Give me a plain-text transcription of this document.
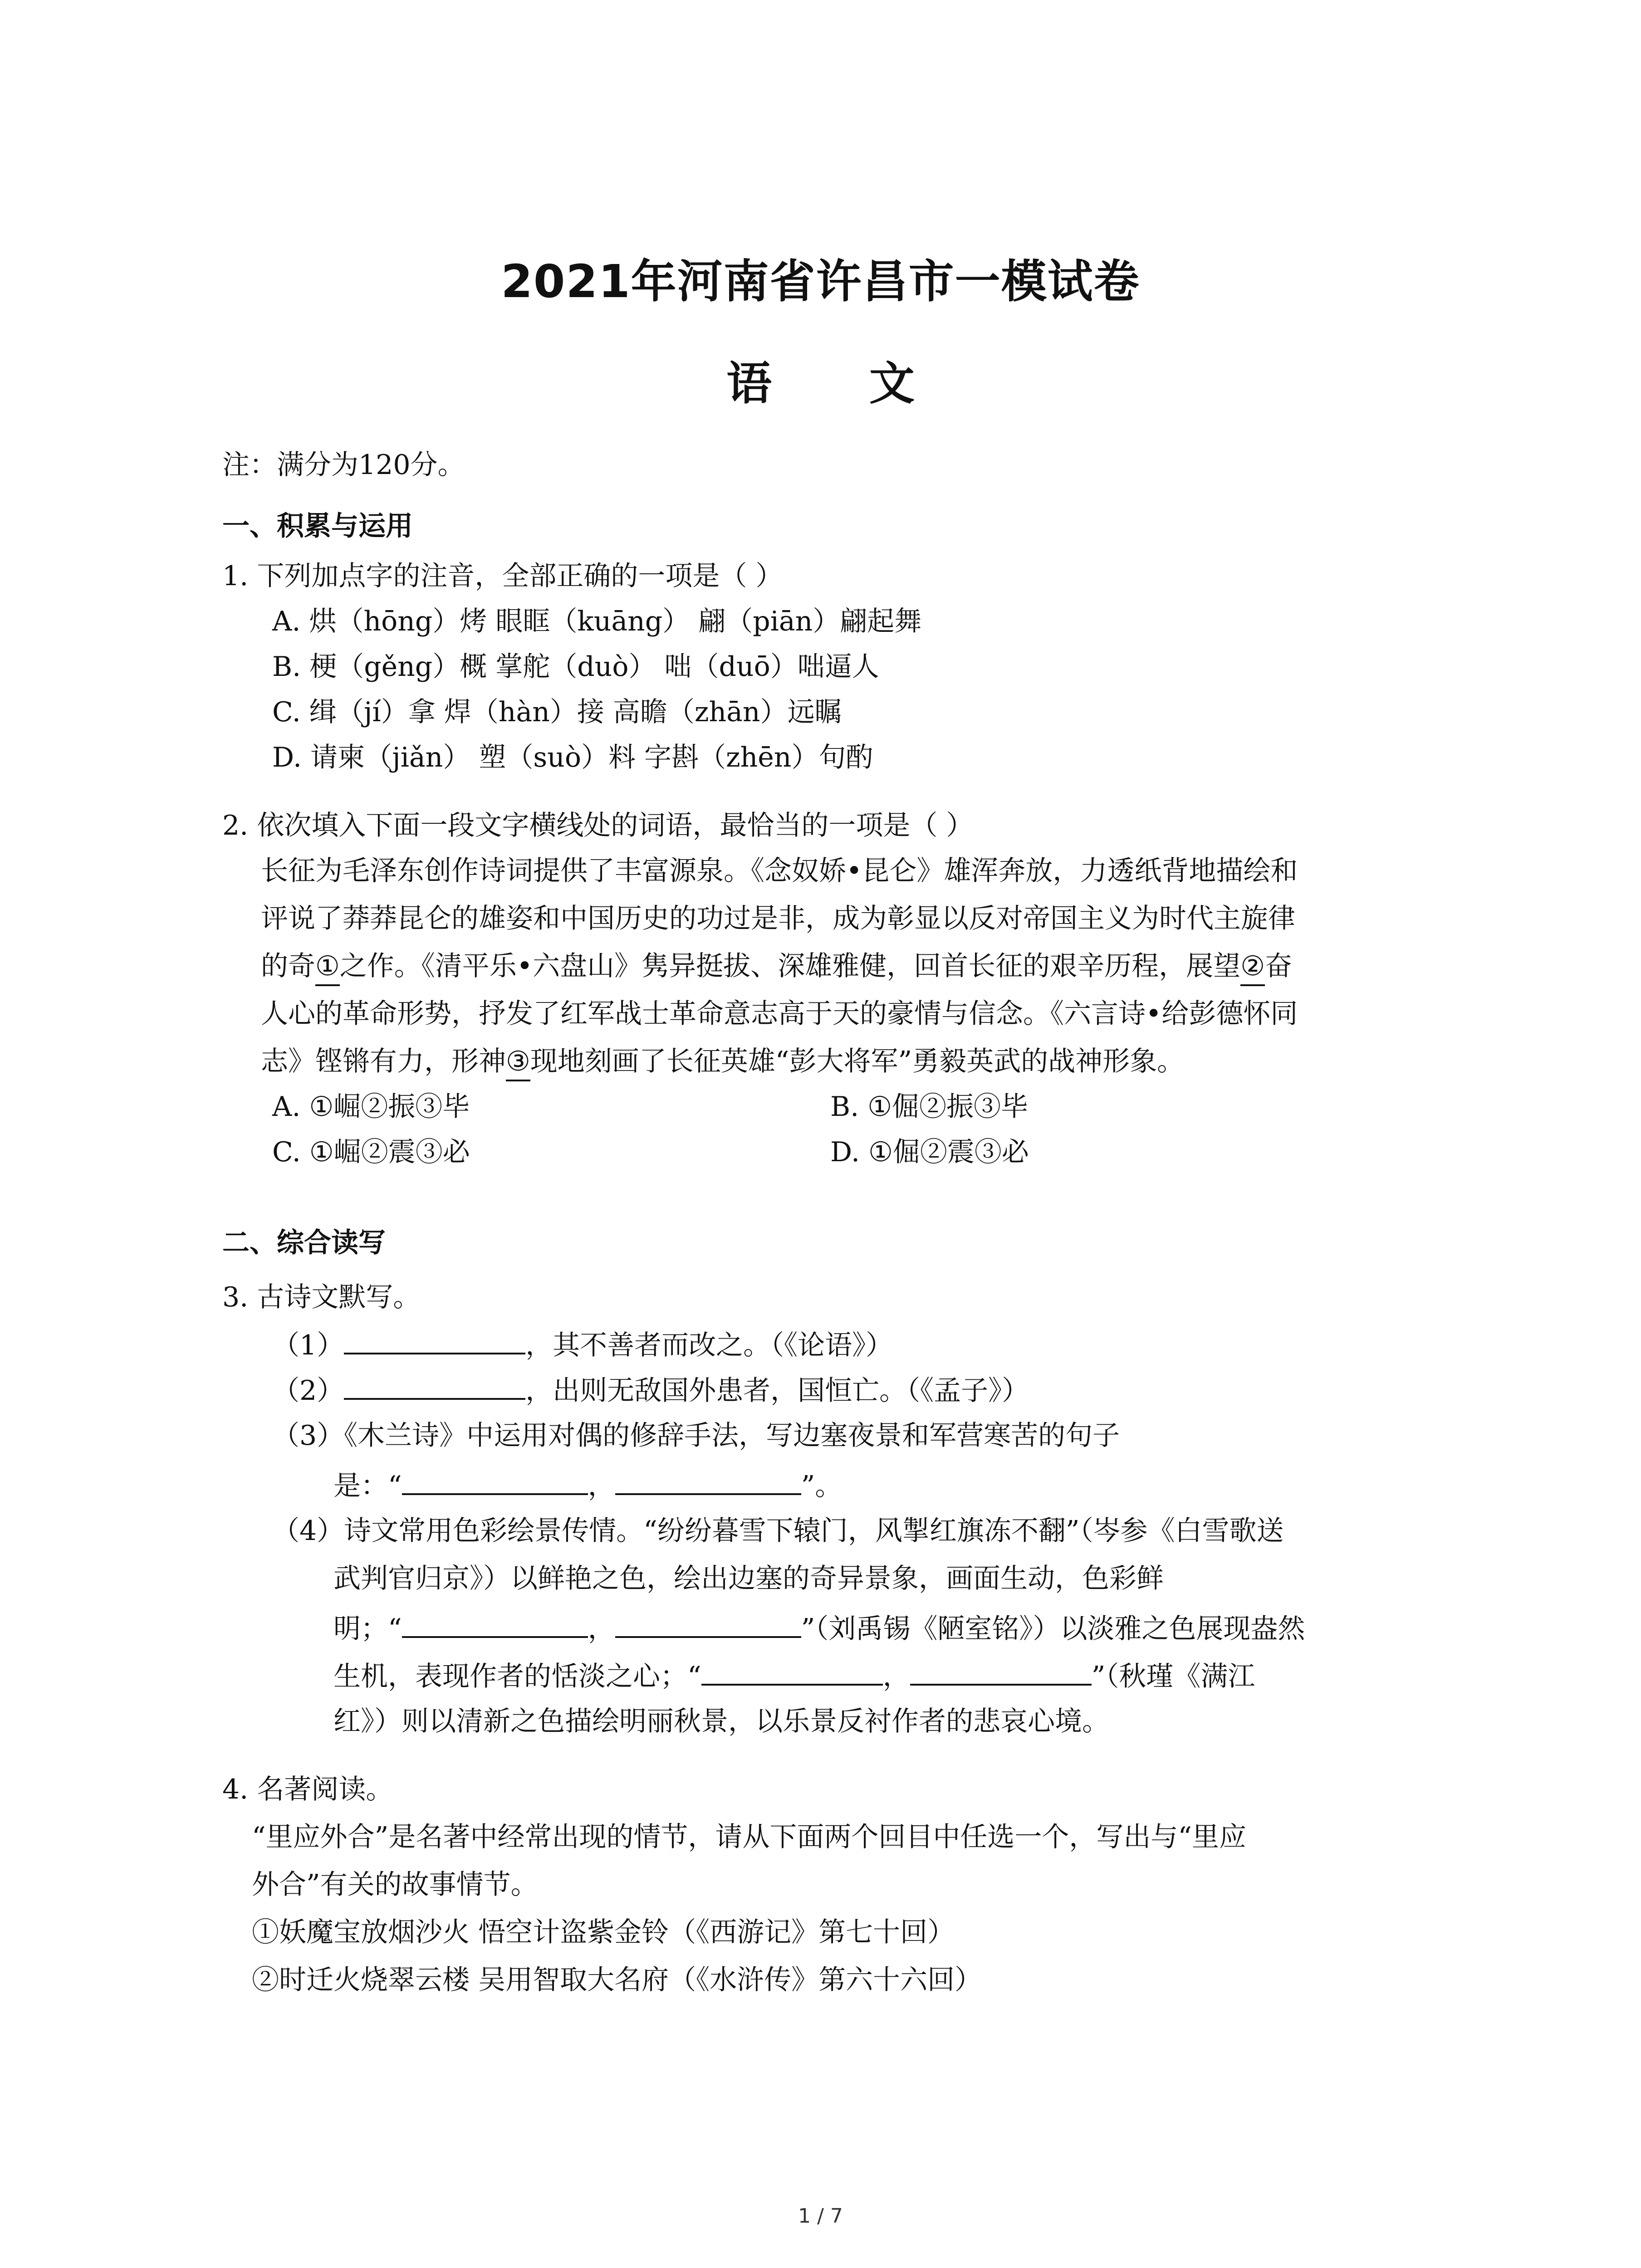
2021年河南省许昌市一模试卷
语 文
注：满分为120分。
一、积累与运用
1. 下列加点字的注音，全部正确的一项是（ ）
A. 烘（hōng）烤 眼眶（kuāng） 翩（piān）翩起舞
B. 梗（gěng）概 掌舵（duò） 咄（duō）咄逼人
C. 缉（jí）拿 焊（hàn）接 高瞻（zhān）远瞩
D. 请柬（jiǎn） 塑（suò）料 字斟（zhēn）句酌
2. 依次填入下面一段文字横线处的词语，最恰当的一项是（ ）
长征为毛泽东创作诗词提供了丰富源泉。《念奴娇•昆仑》雄浑奔放，力透纸背地描绘和
评说了莽莽昆仑的雄姿和中国历史的功过是非，成为彰显以反对帝国主义为时代主旋律
的奇①之作。《清平乐•六盘山》隽异挺拔、深雄雅健，回首长征的艰辛历程，展望②奋
人心的革命形势，抒发了红军战士革命意志高于天的豪情与信念。《六言诗•给彭德怀同
志》铿锵有力，形神③现地刻画了长征英雄“彭大将军”勇毅英武的战神形象。
A. ①崛②振③毕	B. ①倔②振③毕
C. ①崛②震③必	D. ①倔②震③必
二、综合读写
3. 古诗文默写。
（1）	，其不善者而改之。（《论语》）
（2）	，出则无敌国外患者，国恒亡。（《孟子》）
（3）《木兰诗》中运用对偶的修辞手法，写边塞夜景和军营寒苦的句子
是：“	，	”。
（4）诗文常用色彩绘景传情。“纷纷暮雪下辕门，风掣红旗冻不翻”（岑参《白雪歌送
武判官归京》）以鲜艳之色，绘出边塞的奇异景象，画面生动，色彩鲜
明；“	，	”（刘禹锡《陋室铭》）以淡雅之色展现盎然
生机，表现作者的恬淡之心；“	，	”（秋瑾《满江
红》）则以清新之色描绘明丽秋景，以乐景反衬作者的悲哀心境。
4. 名著阅读。
“里应外合”是名著中经常出现的情节，请从下面两个回目中任选一个，写出与“里应
外合”有关的故事情节。
①妖魔宝放烟沙火 悟空计盗紫金铃（《西游记》第七十回）
②时迁火烧翠云楼 吴用智取大名府（《水浒传》第六十六回）
1 / 7
